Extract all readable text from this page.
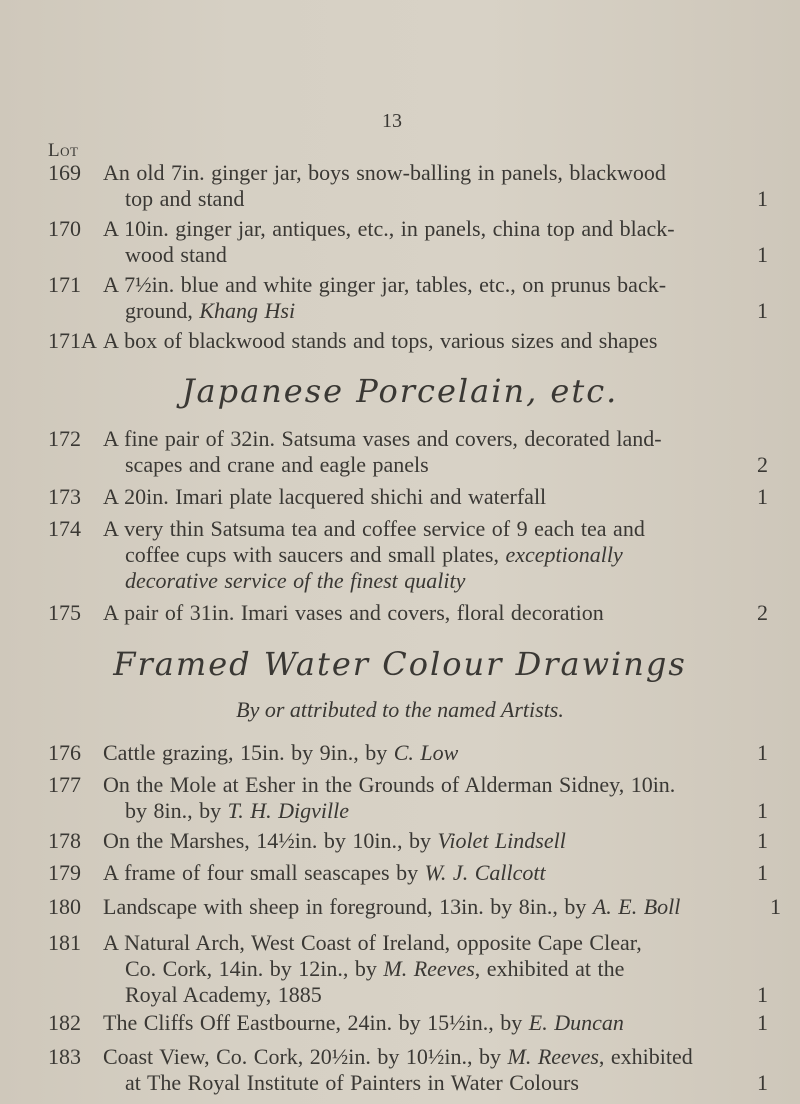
13
Lot
169 An old 7in. ginger jar, boys snow-balling in panels, blackwood
top and stand	1
170 A 10in. ginger jar, antiques, etc., in panels, china top and black-
wood stand	1
171 A 7½in. blue and white ginger jar, tables, etc., on prunus back-
ground, Khang Hsi	1
171A A box of blackwood stands and tops, various sizes and shapes
Japanese Porcelain, etc.
172 A fine pair of 32in. Satsuma vases and covers, decorated land-
scapes and crane and eagle panels	2
173 A 20in. Imari plate lacquered shichi and waterfall	1
174 A very thin Satsuma tea and coffee service of 9 each tea and
coffee cups with saucers and small plates, exceptionally
decorative service of the finest quality
175 A pair of 31in. Imari vases and covers, floral decoration	2
Framed Water Colour Drawings
By or attributed to the named Artists.
176 Cattle grazing, 15in. by 9in., by C. Low	1
177 On the Mole at Esher in the Grounds of Alderman Sidney, 10in.
by 8in., by T. H. Digville	1
178 On the Marshes, 14½in. by 10in., by Violet Lindsell	1
179 A frame of four small seascapes by W. J. Callcott	1
180 Landscape with sheep in foreground, 13in. by 8in., by A. E. Boll	1
181 A Natural Arch, West Coast of Ireland, opposite Cape Clear,
Co. Cork, 14in. by 12in., by M. Reeves, exhibited at the
Royal Academy, 1885	1
182 The Cliffs Off Eastbourne, 24in. by 15½in., by E. Duncan	1
183 Coast View, Co. Cork, 20½in. by 10½in., by M. Reeves, exhibited
at The Royal Institute of Painters in Water Colours	1
